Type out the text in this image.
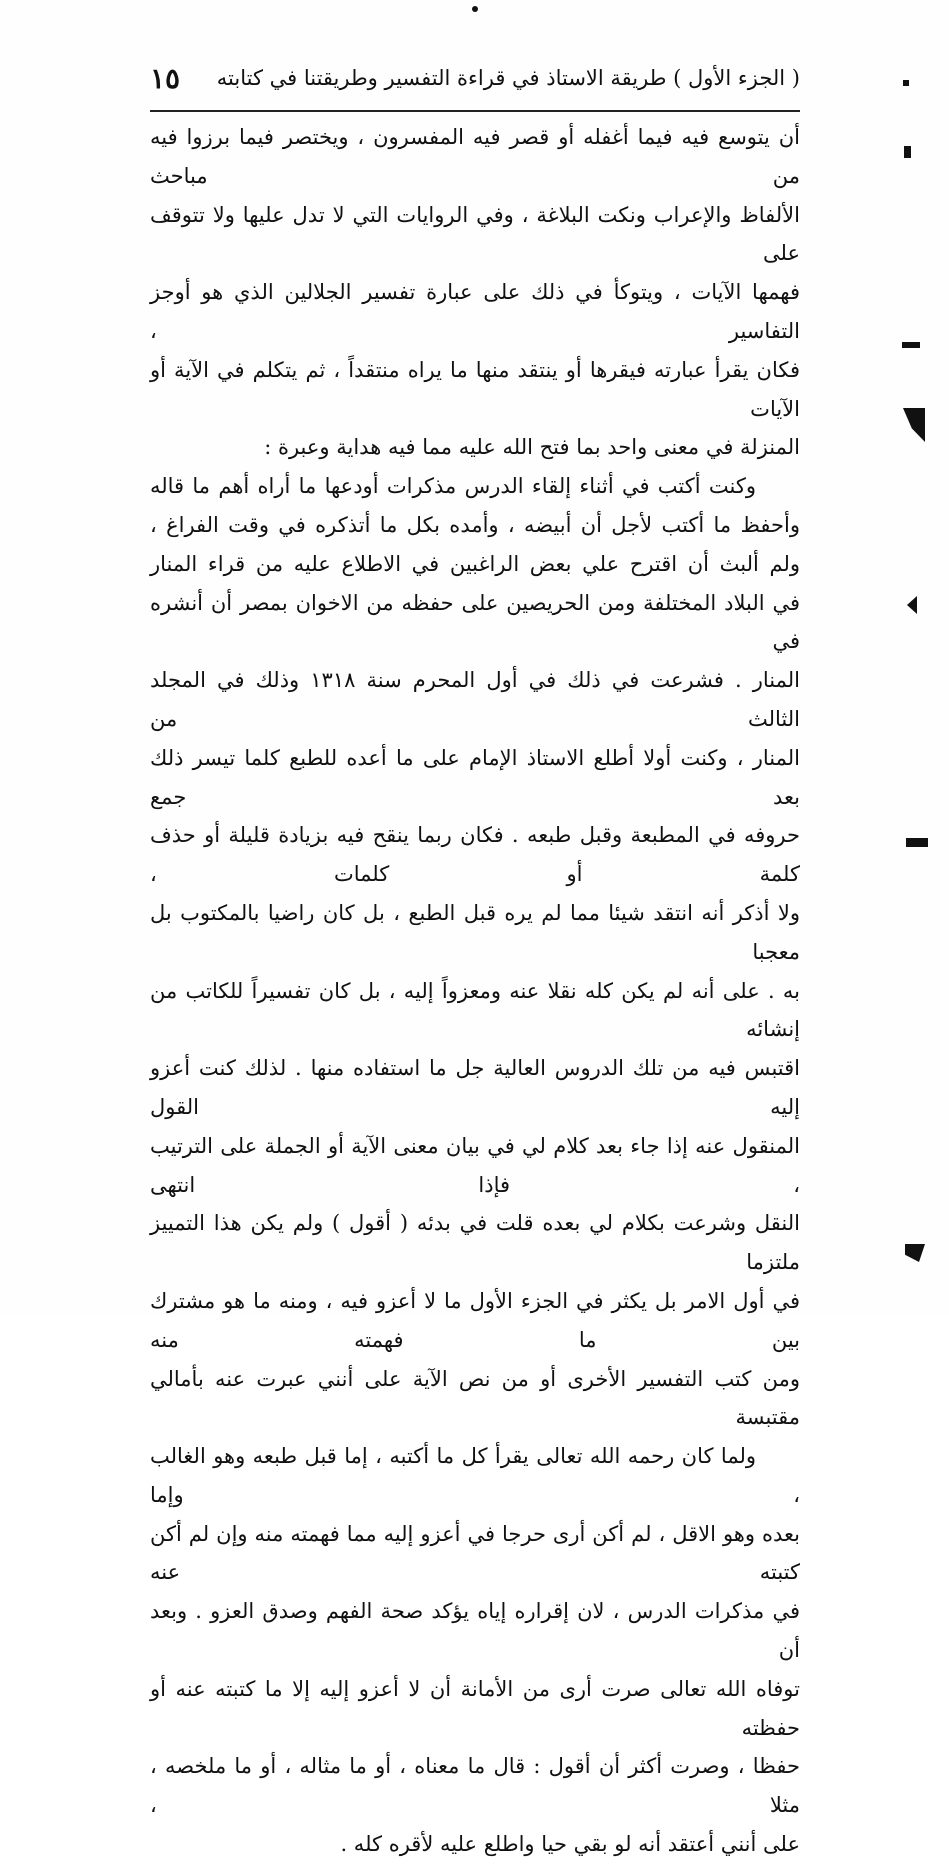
( الجزء الأول ) طريقة الاستاذ في قراءة التفسير وطريقتنا في كتابته
١٥

أن يتوسع فيه فيما أغفله أو قصر فيه المفسرون ، ويختصر فيما برزوا فيه من مباحث

الألفاظ والإعراب ونكت البلاغة ، وفي الروايات التي لا تدل عليها ولا تتوقف على

فهمها الآيات ، ويتوكأ في ذلك على عبارة تفسير الجلالين الذي هو أوجز التفاسير ،

فكان يقرأ عبارته فيقرها أو ينتقد منها ما يراه منتقداً ، ثم يتكلم في الآية أو الآيات

المنزلة في معنى واحد بما فتح الله عليه مما فيه هداية وعبرة :

وكنت أكتب في أثناء إلقاء الدرس مذكرات أودعها ما أراه أهم ما قاله

وأحفظ ما أكتب لأجل أن أبيضه ، وأمده بكل ما أتذكره في وقت الفراغ ،

ولم ألبث أن اقترح علي بعض الراغبين في الاطلاع عليه من قراء المنار

في البلاد المختلفة ومن الحريصين على حفظه من الاخوان بمصر أن أنشره في

المنار . فشرعت في ذلك في أول المحرم سنة ١٣١٨ وذلك في المجلد الثالث من

المنار ، وكنت أولا أطلع الاستاذ الإمام على ما أعده للطبع كلما تيسر ذلك بعد جمع

حروفه في المطبعة وقبل طبعه . فكان ربما ينقح فيه بزيادة قليلة أو حذف كلمة أو كلمات ،

ولا أذكر أنه انتقد شيئا مما لم يره قبل الطبع ، بل كان راضيا بالمكتوب بل معجبا

به . على أنه لم يكن كله نقلا عنه ومعزواً إليه ، بل كان تفسيراً للكاتب من إنشائه

اقتبس فيه من تلك الدروس العالية جل ما استفاده منها . لذلك كنت أعزو إليه القول

المنقول عنه إذا جاء بعد كلام لي في بيان معنى الآية أو الجملة على الترتيب ، فإذا انتهى

النقل وشرعت بكلام لي بعده قلت في بدئه ( أقول ) ولم يكن هذا التمييز ملتزما

في أول الامر بل يكثر في الجزء الأول ما لا أعزو فيه ، ومنه ما هو مشترك بين ما فهمته منه

ومن كتب التفسير الأخرى أو من نص الآية على أنني عبرت عنه بأمالي مقتبسة

ولما كان رحمه الله تعالى يقرأ كل ما أكتبه ، إما قبل طبعه وهو الغالب ، وإما

بعده وهو الاقل ، لم أكن أرى حرجا في أعزو إليه مما فهمته منه وإن لم أكن كتبته عنه

في مذكرات الدرس ، لان إقراره إياه يؤكد صحة الفهم وصدق العزو . وبعد أن

توفاه الله تعالى صرت أرى من الأمانة أن لا أعزو إليه إلا ما كتبته عنه أو حفظته

حفظا ، وصرت أكثر أن أقول : قال ما معناه ، أو ما مثاله ، أو ما ملخصه ، مثلا ،

على أنني أعتقد أنه لو بقي حيا واطلع عليه لأقره كله .
